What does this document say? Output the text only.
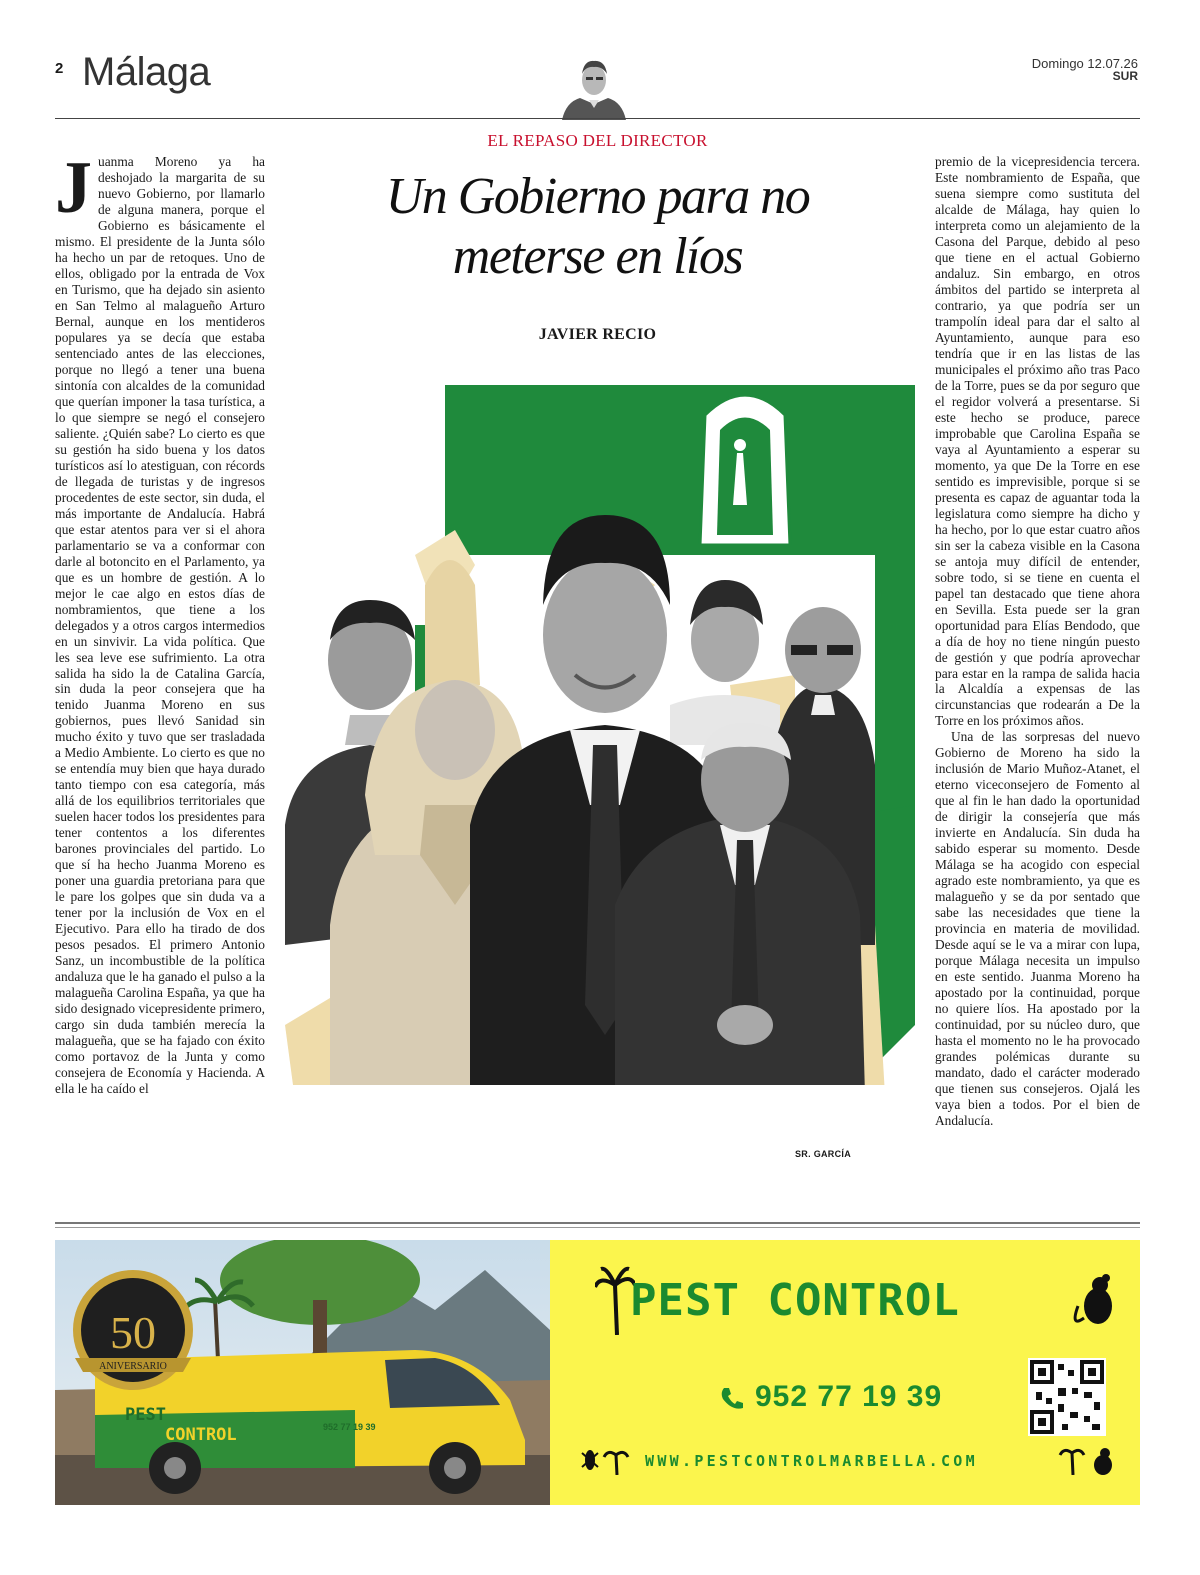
2 Málaga	Domingo 12.07.26
SUR
EL REPASO DEL DIRECTOR
Un Gobierno para no
meterse en líos
JAVIER RECIO

Juanma Moreno ya ha deshojado la margarita de su nuevo Gobierno, por llamarlo de alguna manera, porque el Gobierno es básicamente el mismo. El presidente de la Junta sólo ha hecho un par de retoques. Uno de ellos, obligado por la entrada de Vox en Turismo, que ha dejado sin asiento en San Telmo al malagueño Arturo Bernal, aunque en los mentideros populares ya se decía que estaba sentenciado antes de las elecciones, porque no llegó a tener una buena sintonía con alcaldes de la comunidad que querían imponer la tasa turística, a lo que siempre se negó el consejero saliente. ¿Quién sabe? Lo cierto es que su gestión ha sido buena y los datos turísticos así lo atestiguan, con récords de llegada de turistas y de ingresos procedentes de este sector, sin duda, el más importante de Andalucía. Habrá que estar atentos para ver si el ahora parlamentario se va a conformar con darle al botoncito en el Parlamento, ya que es un hombre de gestión. A lo mejor le cae algo en estos días de nombramientos, que tiene a los delegados y a otros cargos intermedios en un sinvivir. La vida política. Que les sea leve ese sufrimiento. La otra salida ha sido la de Catalina García, sin duda la peor consejera que ha tenido Juanma Moreno en sus gobiernos, pues llevó Sanidad sin mucho éxito y tuvo que ser trasladada a Medio Ambiente. Lo cierto es que no se entendía muy bien que haya durado tanto tiempo con esa categoría, más allá de los equilibrios territoriales que suelen hacer todos los presidentes para tener contentos a los diferentes barones provinciales del partido. Lo que sí ha hecho Juanma Moreno es poner una guardia pretoriana para que le pare los golpes que sin duda va a tener por la inclusión de Vox en el Ejecutivo. Para ello ha tirado de dos pesos pesados. El primero Antonio Sanz, un incombustible de la política andaluza que le ha ganado el pulso a la malagueña Carolina España, ya que ha sido designado vicepresidente primero, cargo sin duda también merecía la malagueña, que se ha fajado con éxito como portavoz de la Junta y como consejera de Economía y Hacienda. A ella le ha caído el

premio de la vicepresidencia tercera. Este nombramiento de España, que suena siempre como sustituta del alcalde de Málaga, hay quien lo interpreta como un alejamiento de la Casona del Parque, debido al peso que tiene en el actual Gobierno andaluz. Sin embargo, en otros ámbitos del partido se interpreta al contrario, ya que podría ser un trampolín ideal para dar el salto al Ayuntamiento, aunque para eso tendría que ir en las listas de las municipales el próximo año tras Paco de la Torre, pues se da por seguro que el regidor volverá a presentarse. Si este hecho se produce, parece improbable que Carolina España se vaya al Ayuntamiento a esperar su momento, ya que De la Torre en ese sentido es imprevisible, porque si se presenta es capaz de aguantar toda la legislatura como siempre ha dicho y ha hecho, por lo que estar cuatro años sin ser la cabeza visible en la Casona se antoja muy difícil de entender, sobre todo, si se tiene en cuenta el papel tan destacado que tiene ahora en Sevilla. Esta puede ser la gran oportunidad para Elías Bendodo, que a día de hoy no tiene ningún puesto de gestión y que podría aprovechar para estar en la rampa de salida hacia la Alcaldía a expensas de las circunstancias que rodearán a De la Torre en los próximos años.

Una de las sorpresas del nuevo Gobierno de Moreno ha sido la inclusión de Mario Muñoz-Atanet, el eterno viceconsejero de Fomento al que al fin le han dado la oportunidad de dirigir la consejería que más invierte en Andalucía. Sin duda ha sabido esperar su momento. Desde Málaga se ha acogido con especial agrado este nombramiento, ya que es malagueño y se da por sentado que sabe las necesidades que tiene la provincia en materia de movilidad. Desde aquí se le va a mirar con lupa, porque Málaga necesita un impulso en este sentido. Juanma Moreno ha apostado por la continuidad, porque no quiere líos. Ha apostado por la continuidad, por su núcleo duro, que hasta el momento no le ha provocado grandes polémicas durante su mandato, dado el carácter moderado que tienen sus consejeros. Ojalá les vaya bien a todos. Por el bien de Andalucía.

SR. GARCÍA
PEST
CONTROL	952 77 19 39
50
ANIVERSARIO
PEST CONTROL
952 77 19 39
WWW.PESTCONTROLMARBELLA.COM
